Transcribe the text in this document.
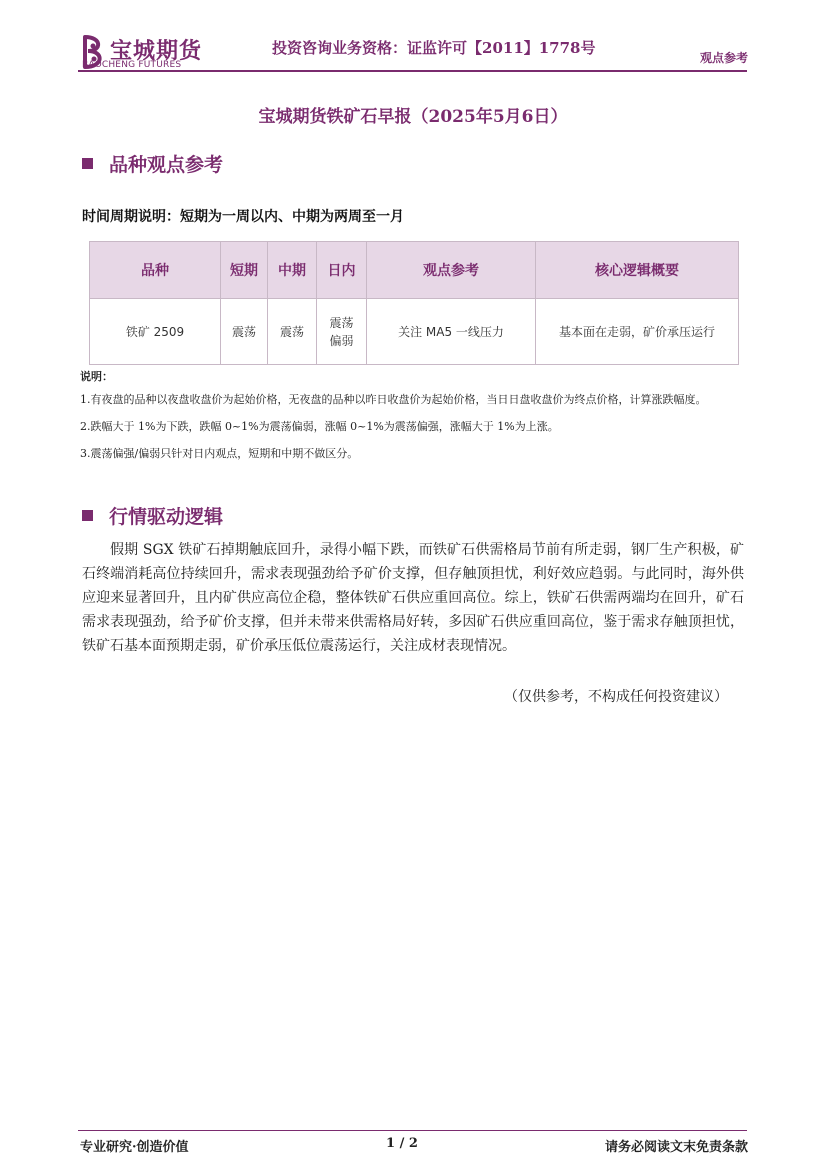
宝城期货
BAOCHENG FUTURES
投资咨询业务资格：证监许可【2011】1778号
观点参考
宝城期货铁矿石早报（2025年5月6日）
品种观点参考
时间周期说明：短期为一周以内、中期为两周至一月
品种	短期	中期	日内	观点参考	核心逻辑概要
铁矿 2509	震荡	震荡	震荡偏弱	关注 MA5 一线压力	基本面在走弱，矿价承压运行
说明：

1.有夜盘的品种以夜盘收盘价为起始价格，无夜盘的品种以昨日收盘价为起始价格，当日日盘收盘价为终点价格，计算涨跌幅度。

2.跌幅大于 1%为下跌，跌幅 0~1%为震荡偏弱，涨幅 0~1%为震荡偏强，涨幅大于 1%为上涨。

3.震荡偏强/偏弱只针对日内观点，短期和中期不做区分。

行情驱动逻辑

假期 SGX 铁矿石掉期触底回升，录得小幅下跌，而铁矿石供需格局节前有所走弱，钢厂生产积极，矿石终端消耗高位持续回升，需求表现强劲给予矿价支撑，但存触顶担忧，利好效应趋弱。与此同时，海外供应迎来显著回升，且内矿供应高位企稳，整体铁矿石供应重回高位。综上，铁矿石供需两端均在回升，矿石需求表现强劲，给予矿价支撑，但并未带来供需格局好转，多因矿石供应重回高位，鉴于需求存触顶担忧，铁矿石基本面预期走弱，矿价承压低位震荡运行，关注成材表现情况。

（仅供参考，不构成任何投资建议）
专业研究·创造价值	1 / 2	请务必阅读文末免责条款
